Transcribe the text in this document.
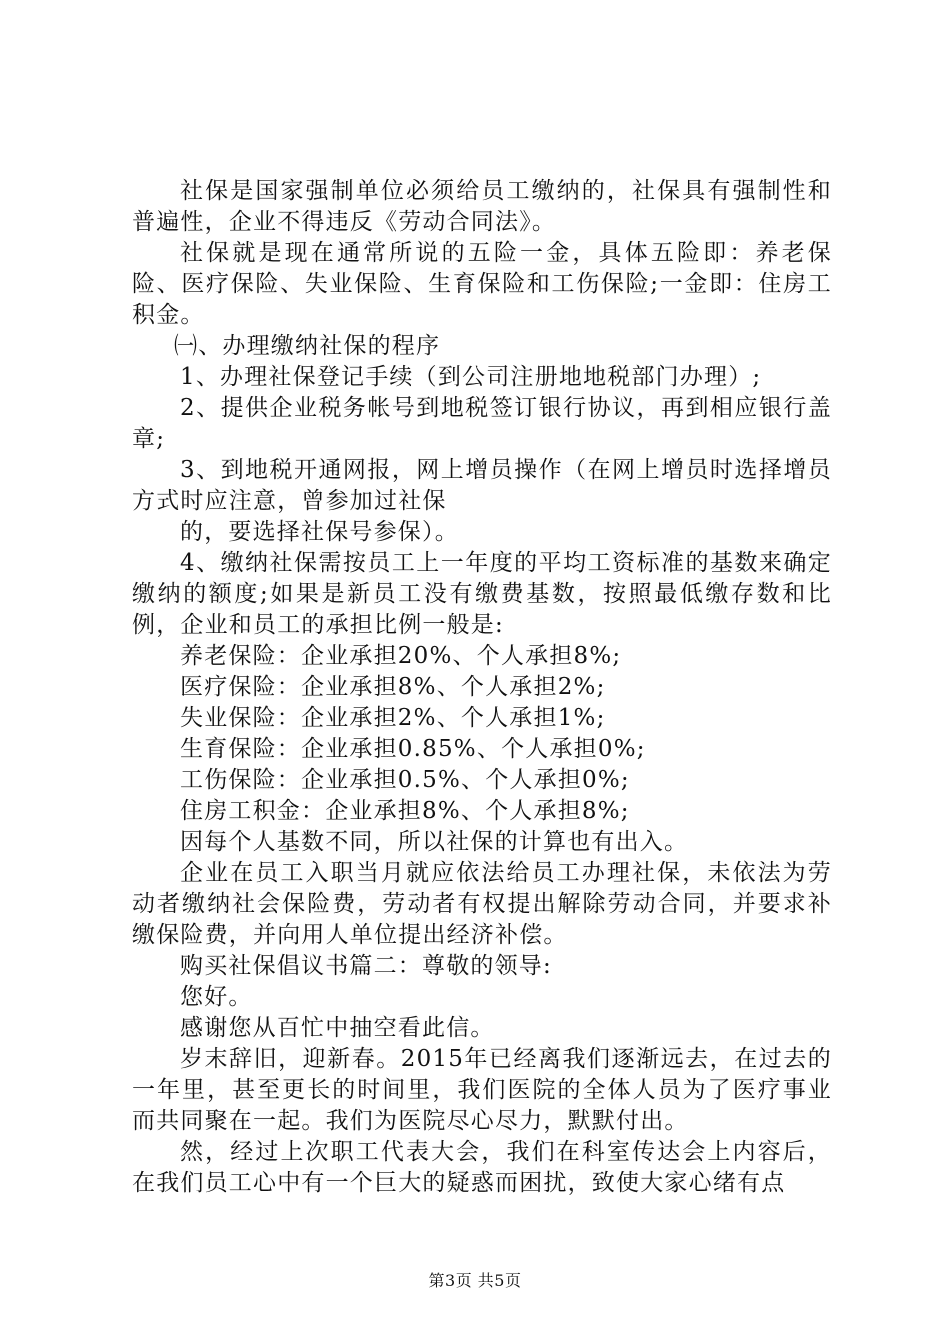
社保是国家强制单位必须给员工缴纳的，社保具有强制性和普遍性，企业不得违反《劳动合同法》。

社保就是现在通常所说的五险一金，具体五险即：养老保险、医疗保险、失业保险、生育保险和工伤保险;一金即：住房工积金。

㈠、办理缴纳社保的程序

1、办理社保登记手续（到公司注册地地税部门办理）;

2、提供企业税务帐号到地税签订银行协议，再到相应银行盖章;

3、到地税开通网报，网上增员操作（在网上增员时选择增员方式时应注意，曾参加过社保

的，要选择社保号参保）。

4、缴纳社保需按员工上一年度的平均工资标准的基数来确定缴纳的额度;如果是新员工没有缴费基数，按照最低缴存数和比例，企业和员工的承担比例一般是:

养老保险：企业承担20%、个人承担8%;

医疗保险：企业承担8%、个人承担2%;

失业保险：企业承担2%、个人承担1%;

生育保险：企业承担0.85%、个人承担0%;

工伤保险：企业承担0.5%、个人承担0%;

住房工积金：企业承担8%、个人承担8%;

因每个人基数不同，所以社保的计算也有出入。

企业在员工入职当月就应依法给员工办理社保，未依法为劳动者缴纳社会保险费，劳动者有权提出解除劳动合同，并要求补缴保险费，并向用人单位提出经济补偿。

购买社保倡议书篇二：尊敬的领导:

您好。

感谢您从百忙中抽空看此信。

岁末辞旧，迎新春。2015年已经离我们逐渐远去，在过去的一年里，甚至更长的时间里，我们医院的全体人员为了医疗事业而共同聚在一起。我们为医院尽心尽力，默默付出。

然，经过上次职工代表大会，我们在科室传达会上内容后，在我们员工心中有一个巨大的疑惑而困扰，致使大家心绪有点

第3页 共5页
